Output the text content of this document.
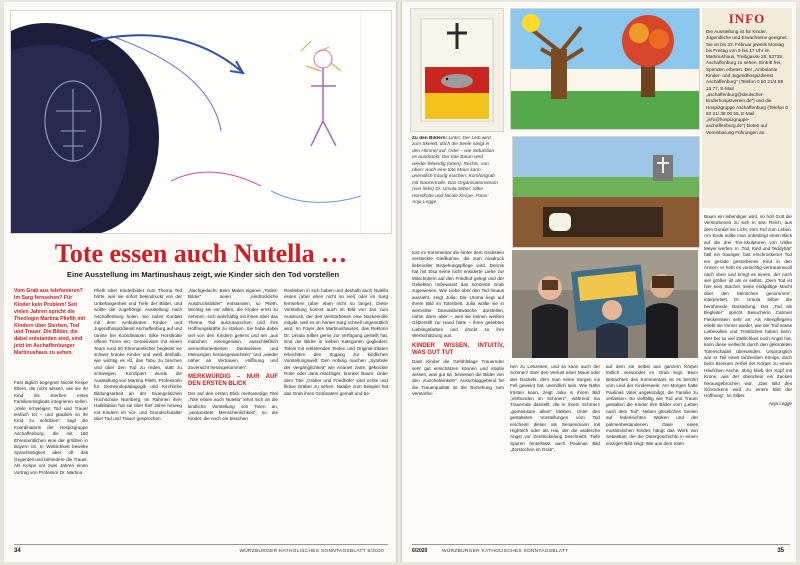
Tote essen auch Nutella …

Eine Ausstellung im Martinushaus zeigt, wie Kinder sich den Tod vorstellen

Vom Grab aus telefonieren? Im Sarg fernsehen? Für Kinder kein Problem! Seit vielen Jahren spricht die Theologin Martina Pliefth mit Kindern über Sterben, Tod und Trauer. Die Bilder, die dabei entstanden sind, sind jetzt im Aschaffenburger Martinushaus zu sehen.

Fast täglich begegnet Nicole Kespe Eltern, die nicht wissen, wie sie ihr Kind ins Sterben eines Familienmitglieds integrieren sollen. „Viele schweigen Tod und Trauer einfach tot – und glauben so ihr Kind zu schützen“, sagt die Koordinatorin der Hospizgruppe Aschaffenburg, die mit 160 Ehrenamtlichen eine der größten in Bayern ist. In Wirklichkeit bewirke Sprachlosigkeit aber oft das Gegenteil und behindere die Trauer. Als Kespe vor zwei Jahren einen Vortrag von Professor Dr. Martina

Plieth über Kinderbilder zum Thema Tod hörte, war sie sofort beeindruckt von der Unbefangenheit und Tiefe der Bilder, und wollte die zugehörige Ausstellung nach Aschaffenburg holen. Sie nahm Kontakt mit dem Ambulanten Kinder- und Jugendhospizdienst Aschaffenburg auf und rannte bei Koordinatorin Silke Horstkotte offene Türen ein. Gemeinsam mit einem Team rund 50 Ehrenamtlicher begleitet sie schwer kranke Kinder und weiß deshalb, wie wichtig es ist, das Tabu zu brechen und über den Tod zu reden, statt zu schweigen. Konzipiert wurde die Ausstellung von Martina Plieth, Professorin für Gemeindepädagogik und Kirchliche Bildungsarbeit an der Evangelischen Hochschule Nürnberg. Im Rahmen ihrer Habilitation hat sie über fünf Jahre hinweg mit Kindern im Vor- und Grundschulalter über Tod und Trauer gesprochen.

„Nachgedacht. Beim Malen eigener „Todes-Bilder“ seien „eindrückliche Ausdrucksbilder“ entstanden, so Plieth. Wichtig sei vor allem, die Kinder ernst zu nehmen, sich wahrhaftig mit ihnen über das Thema Tod auszutauschen und ihre Hoffnungskräfte zu stärken. Sie habe dabei viel von den Kindern gelernt und sei „aus manchen einengenden, ausschließlich vernunftorientierten Denkweisen und Meinungen herausgewachsen“ und „wieder näher an Vertrauen, Hoffnung und Zuversicht herangekommen“.

MERKWÜRDIG – NUR AUF DEN ERSTEN BLICK

Der auf den ersten Blick merkwürdige Titel „Tote essen auch Nutella“ lehnt sich an die kindliche Vorstellung von Toten an, „verdunstete Menschenlichkeit“, so die Kinder, die noch ein bisschen

Restleben in sich haben und deshalb auch Nutella essen (aber eben nicht so viel) oder im Sarg fernsehen (aber eben nicht so lange). Diese Vorstellung kommt auch im Bild von Jan zum Ausdruck, der den Verstorbenen eine Nackenrolle mitgibt, weil es im harten Sarg schnell ungemütlich wird. Im Foyer des Martinushauses, das Rektorin Dr. Ursula Silber gerne zur Verfügung gestellt hat, sind die Bilder in sieben Kategorien gegliedert. Tafeln mit erklärenden Texten und Original-Zitaten erleichtern den Zugang zur kindlichen Vorstellungswelt. Den Anfang machen „Symbole der Vergänglichkeit“ wie Arianes zarte, geknickte Rose oder Jans mächtiger, kranker Baum. Unter dem Titel „Gräber und Friedhöfe“ sind echte und fiktive Gräber zu sehen. Natalie zum Beispiel hat das Grab ihres Großvaters gemalt und be-

34	WÜRZBURGER KATHOLISCHES SONNTAGSBLATT 6/2020
INFO
Die Ausstellung ist für Kinder, Jugendliche und Erwachsene geeignet. Sie ist bis 23. Februar jeweils Montag bis Freitag von 9 bis 17 Uhr im Martinushaus, Treibgasse 26, 63739 Aschaffenburg zu sehen. Eintritt frei, Spenden erbeten. Der „Ambulante Kinder- und Jugendhospizdienst Aschaffenburg“ (Telefon 0 60 21/4 59 16 77, E-Mail „aschaffenburg@deutscher-kinderhospizverein.de“) und die Hospizgruppe Aschaffenburg (Telefon 0 60 21/ 38 00 55, E-Mail „info@hospizgruppe-aschaffenburg.de“) bieten auf Vereinbarung Führungen an.
Zu den Bildern: Links: Der Leib wird zum Skelett, doch die Seele steigt in den Himmel auf. Oder – wie Sebastian es ausdrückt: Der tote Baum wird wieder lebendig (oben). Rechts, von oben: Auch eine tote Maus kann unendlich traurig machen. Komfortgrab mit Nackenrolle. Das Organisationsteam (von links) Dr. Ursula Silber, Silke Horstkotte und Nicole Kespe. Fotos: Anja Legge

tont im Kommentar die hinter dem Grabstein versteckte Gießkanne, die zum Ausdruck liebevoller Beziehungspflege wird. Dennis hat mit Elsa seine nicht erwiderte Liebe zur Mitschülerin auf den Friedhof gelegt und der Geliebten unbewusst das schönste Grab zugewiesen. Wie Liebe über den Tod hinaus aussieht, zeigt Julia: Die Uroma liegt auf ihrem Bild im Totenbett. Julia wollte sie in wertvoller Damastbettwäsche darstellen, nahm dann aber – weil sie keinen weißen Glitzerstift zur Hand hatte – ihren geliebten Lieblingsfarben und drückt so ihre Wertschätzung aus.

KINDER WISSEN, INTUITIV, WAS GUT TUT

Dass Kinder die Gefühlslage Trauernder sehr gut einschätzen können und intuitiv wissen, was gut tut, beweisen die Bilder von den „Kuschelwinkeln“. Ausschlaggebend für die Trauerqualität ist die Beziehung zum Verstorbe-

nen zu Lebzeiten, und so kann auch der Schmerz über den Verlust einer Maus oder des Dackels, dem man seine Sorgen ins Fell geweint hat, unendlich sein. Wie Nähe trösten kann, zeigt Julia in ihrem Bild „Verbunden im Schmerz“, während Ina Trauernde darstellt, die in ihrem Schmerz „gemeinsam allein“ bleiben. Unter den gestalteten Vorstellungen vom Tod erscheint dieser als Sensenmann mit Hightech oder als Hai, der die arabische Angst vor Zerstückelung beschreibt. Tiefe Spuren hinterlässt auch Paulinas Bild „Zerstochen im Grab“,

auf dem sie selbst aus ganzem Körper tödlich verwundet im Grab liegt. Beim Betrachten des Kommentars ist es berührt vom Leid der Kinderseele: Am Morgen hatte Paulinas Vater angekündigt, die Familie zu verlassen. So vielfältig wie Tod und Trauer gestalten die Kinder ihre Bilder vom „Leben nach dem Tod“. Neben glücklichen Seelen auf federleichten Wolken und der palmenbestandenen Oase eines muslimischen Kindes hängt das Werk von Sebastian, der die Ostergeschichte in einem einzigen Bild zeigt: Wie aus dem toten

Baum ein lebendiger wird, so holt Gott die Verstorbenen zu sich in sein Reich, aus dem Dunkel ins Licht, vom Tod zum Leben. Am Ende sollte man unbedingt einen Blick auf die drei Ton-Skulpturen von Ulrike Meyer werfen. In „Tod, Kind und Teddybär“ hält ein trauriger, fast erschrockener Tod ein gerade gestorbenes Kind in den Armen; er hebt es vorsichtig-vertrauensvoll nach oben und bringt es einem, der noch viel größer ist als er selbst. „Dem Tod ist hier sein Stachel, seine endgültige Macht über den Menschen genommen“, interpretiert Dr. Ursula Silber die berührende Darstellung. Der „Tod als Begleiter“ spricht Besucherin Carmen Fleckenstein sehr an: Als Altenpflegerin erlebt sie immer wieder, wie der Tod etwas Liebevolles und Tröstliches haben kann. Wer bei so viel Zärtlichkeit noch Angst hat, kann diese vielleicht durch den geknoteten Totenschädel überwinden. Ursprünglich war er Teil eines tanzenden Königs, doch beim Brennen zerfiel der Körper zu einem Häufchen Asche; übrig blieb der Kopf mit Krone, aus der obendrein ein Zacken herausgebrochen war. „Das Bild des Schreckens wird zu einem Bild der Hoffnung“, so Silber.

Anja Legge

6/2020	WÜRZBURGER KATHOLISCHES SONNTAGSBLATT	35
